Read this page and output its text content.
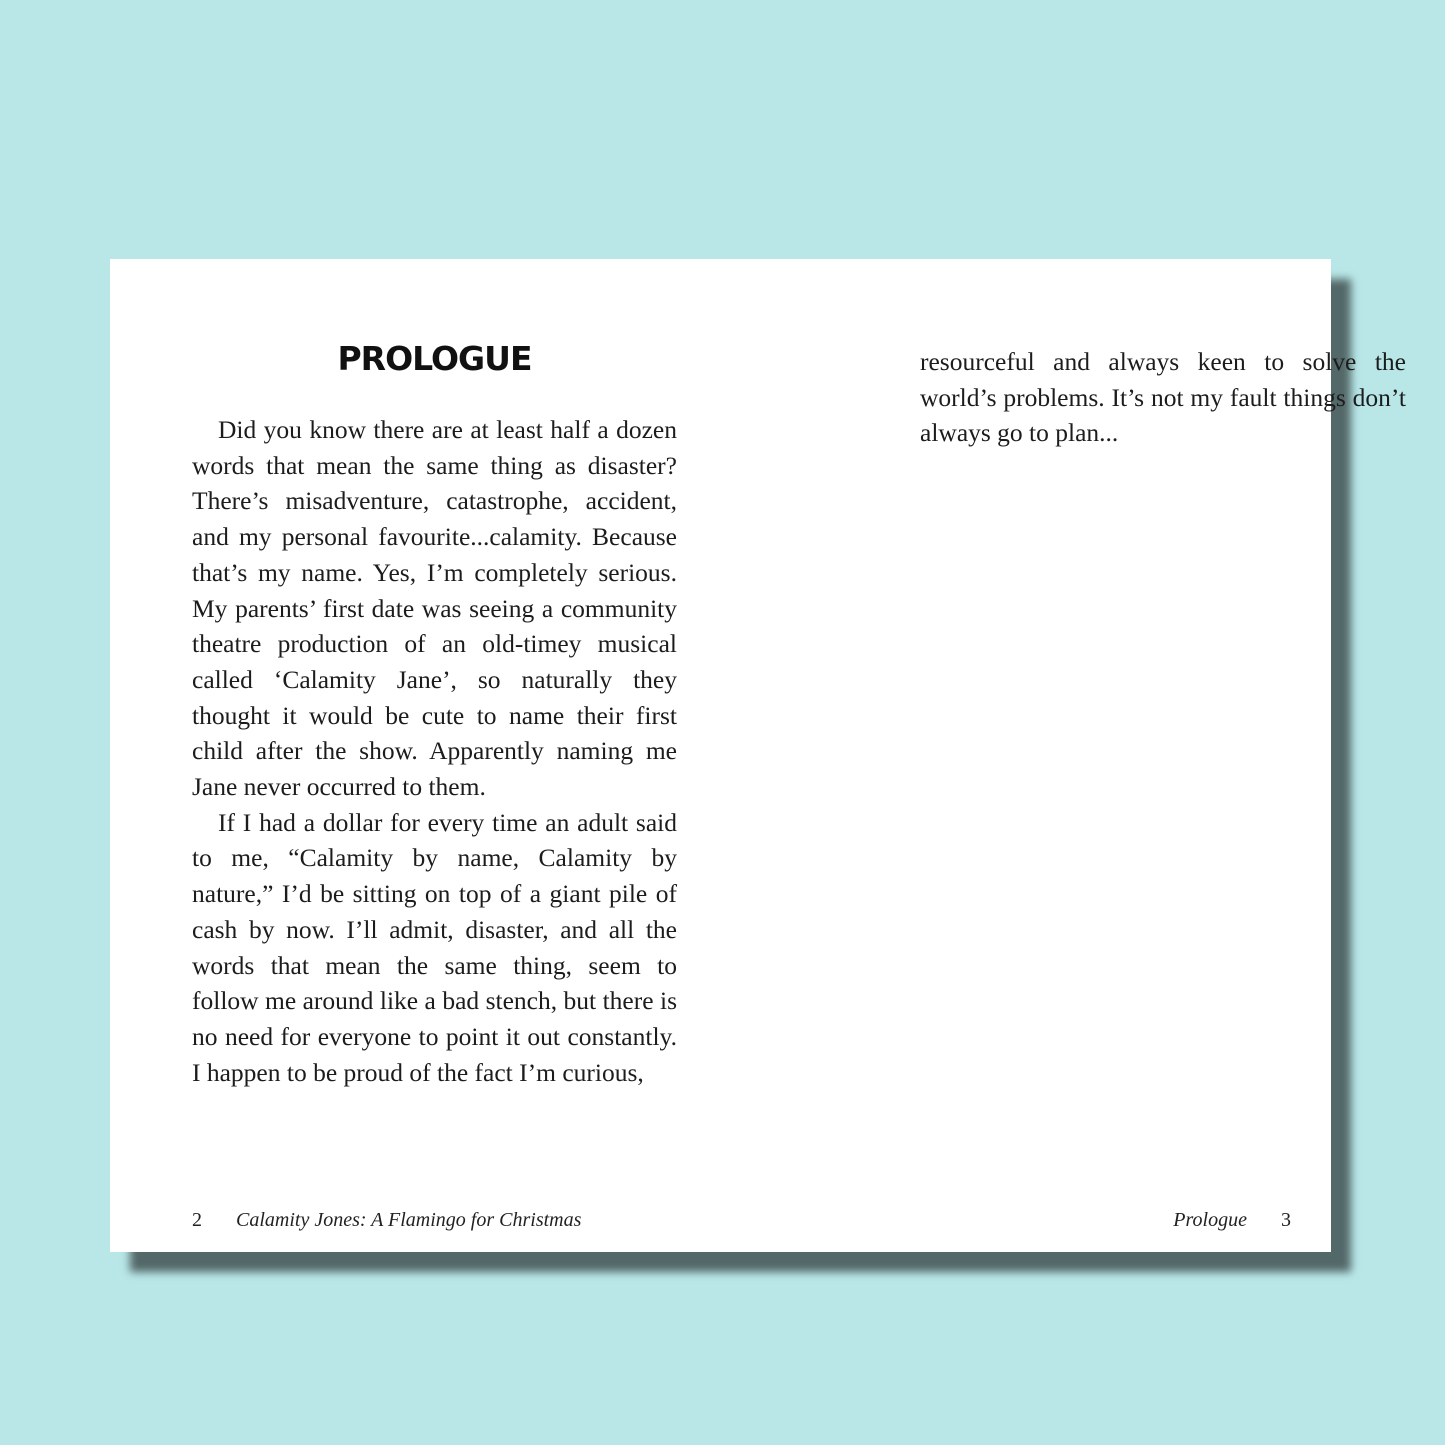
PROLOGUE

Did you know there are at least half a dozen words that mean the same thing as disaster? There’s misadventure, catastrophe, accident, and my personal favourite...calamity. Because that’s my name. Yes, I’m completely serious. My parents’ first date was seeing a community theatre production of an old-timey musical called ‘Calamity Jane’, so naturally they thought it would be cute to name their first child after the show. Apparently naming me Jane never occurred to them.

If I had a dollar for every time an adult said to me, “Calamity by name, Calamity by nature,” I’d be sitting on top of a giant pile of cash by now. I’ll admit, disaster, and all the words that mean the same thing, seem to follow me around like a bad stench, but there is no need for everyone to point it out constantly. I happen to be proud of the fact I’m curious,

2 Calamity Jones: A Flamingo for Christmas

resourceful and always keen to solve the world’s problems. It’s not my fault things don’t always go to plan...

Prologue 3
